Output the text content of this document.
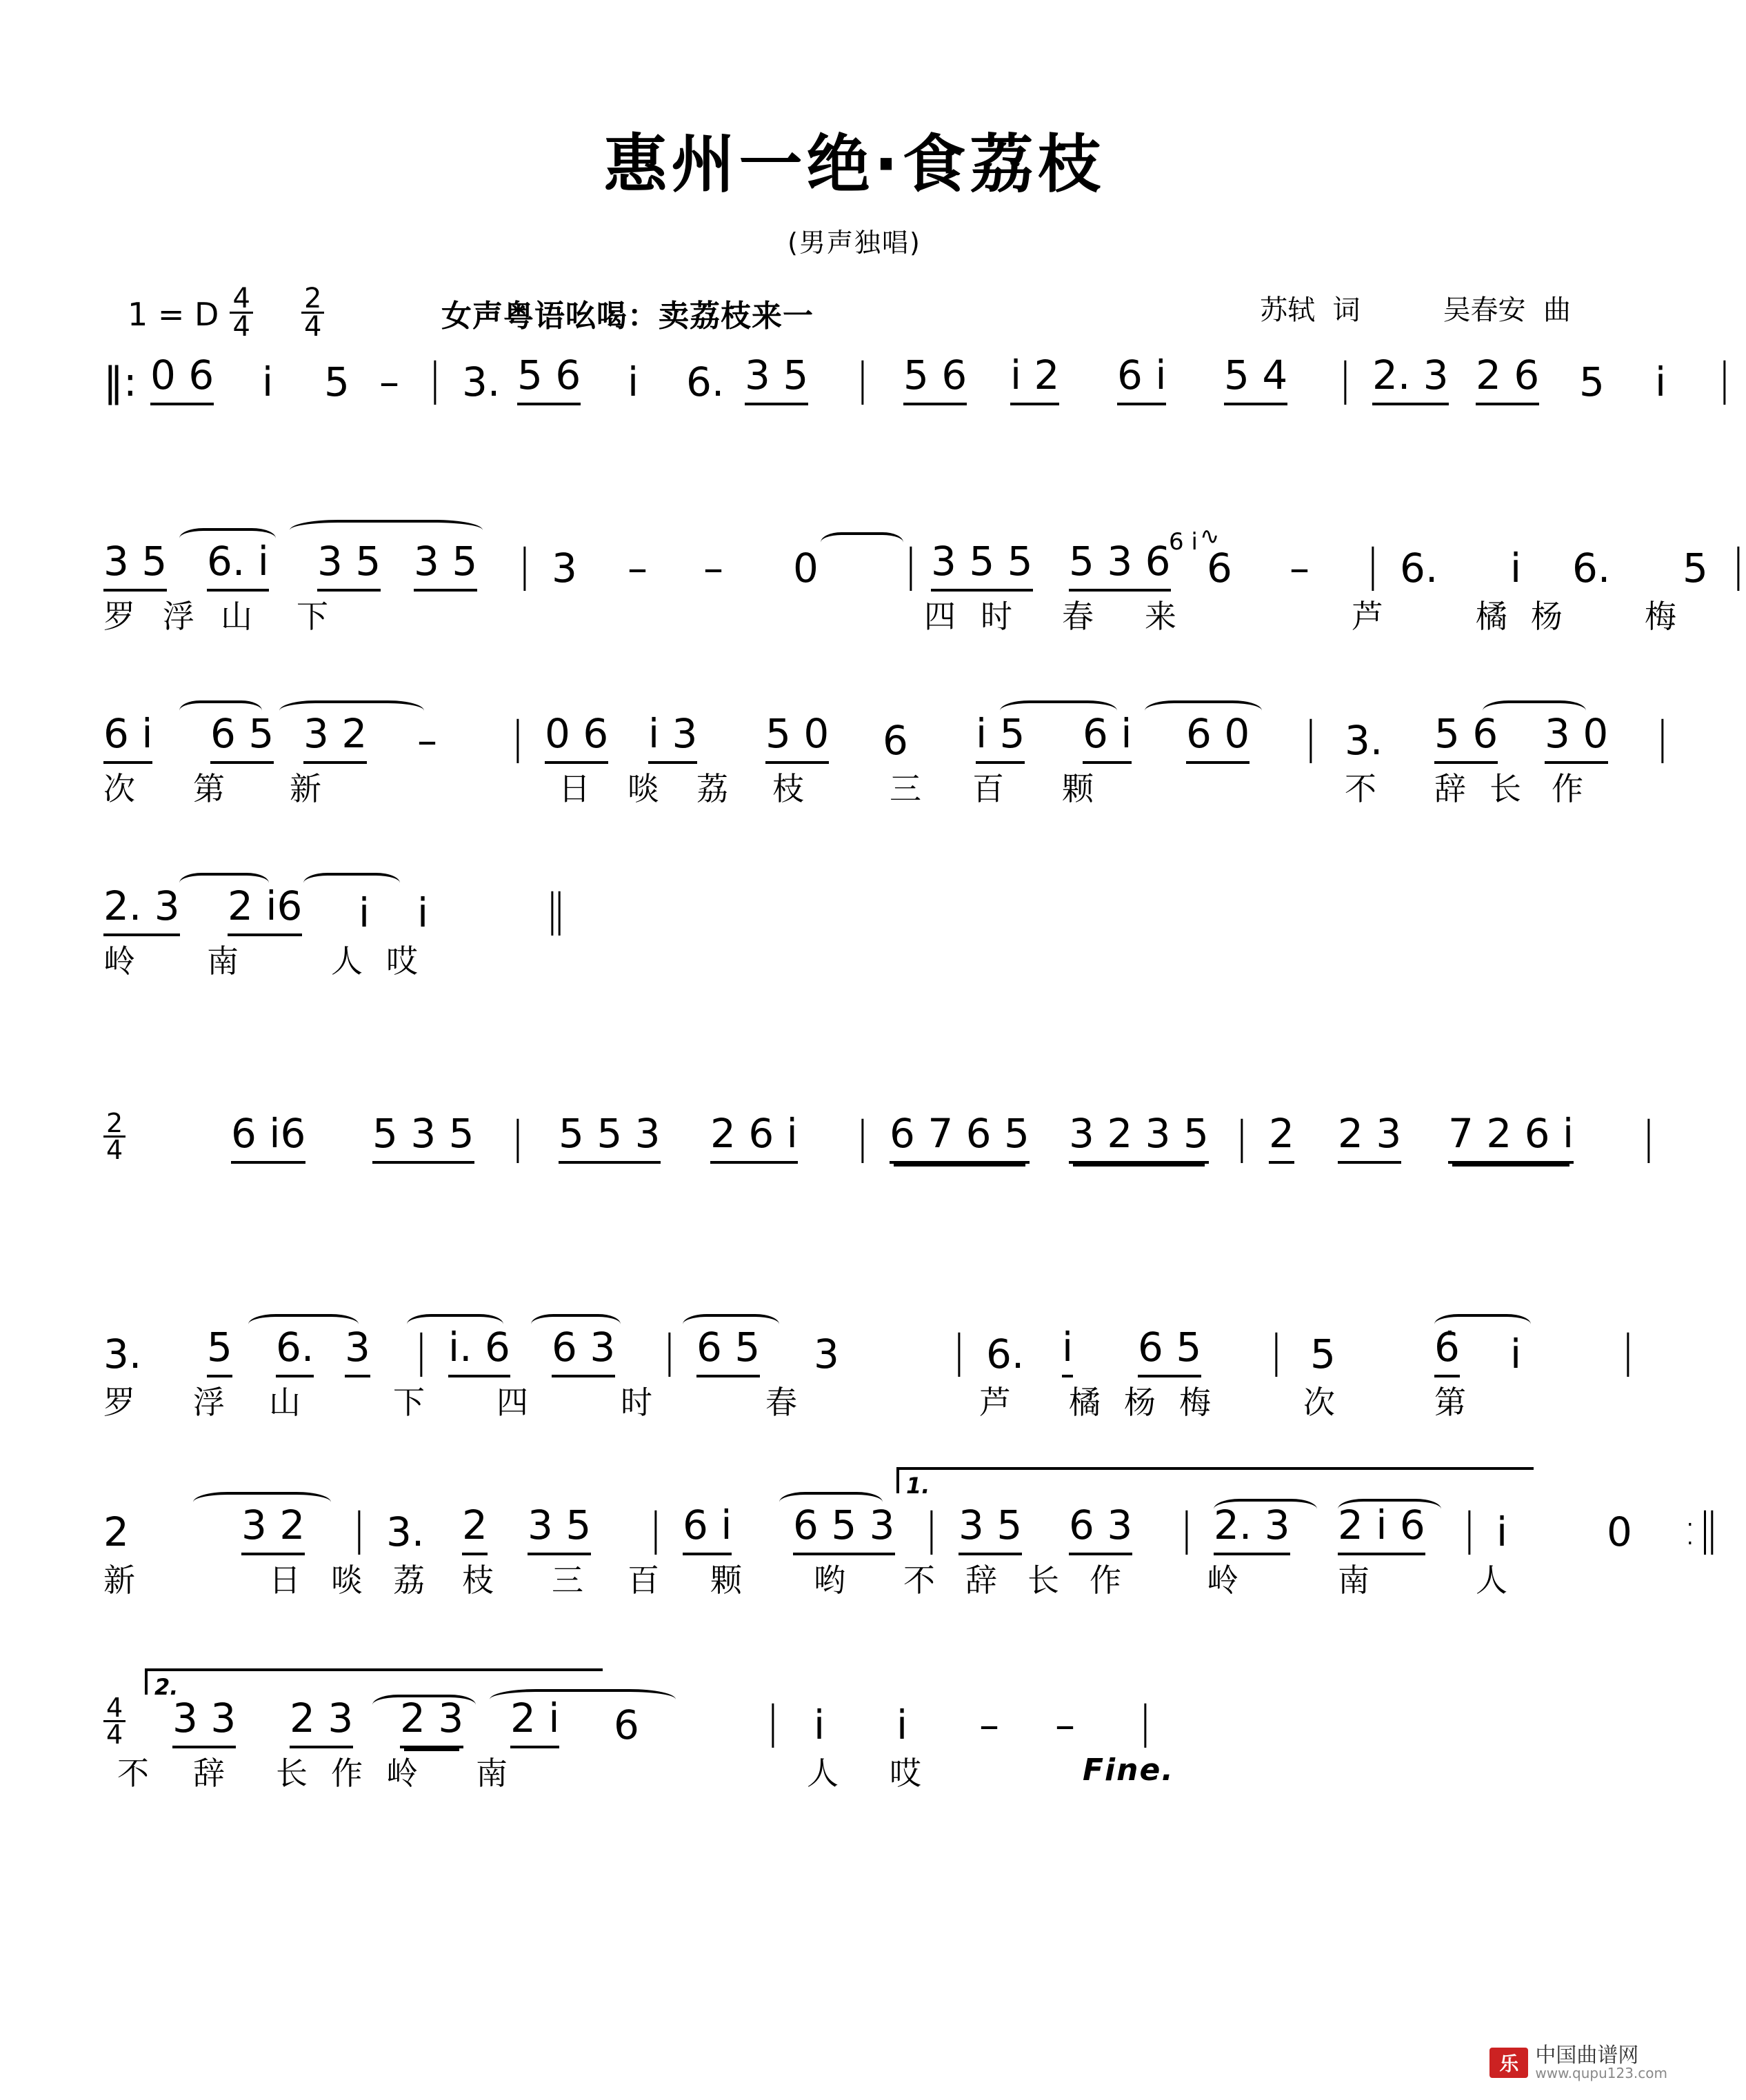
惠州一绝·食荔枝
(男声独唱)
1 = D $\frac{4}{4} \frac{2}{4}$	女声粤语吆喝：卖荔枝来一	苏轼  词	吴春安  曲
‖: 0 6 i̇ 5 – | 3. 5 6 i̇ 6. 3 5 | 5 6 i̇ 2 6 i̇ 5 4 | 2. 3 2 6 5 i̇ |
3 5 6. i̇ 3 5 3 5 | 3 – – 0 | 3 5 5 5 3 6
6 i̇ ∿
6 – | 6. i̇ 6. 5 |
罗 浮 山 下	四 时 春 来	芦	橘 杨	梅
6 i̇ 6 5 3 2 – | 0 6 i̇ 3 5 0 6 i̇ 5 6 i̇ 6 0 | 3. 5 6 3 0 |
次 第 新	日 啖 荔 枝	三 百 颗	不 辞 长 作
2. 3 2 i̇6 i̇ i̇	‖
岭 南	人 哎
$\frac{2}{4}$	6 i̇6 5 3 5 | 5 5 3 2 6 i̇ | 6 7 6 5 3 2 3 5 | 2 2 3 7 2 6 i̇ |
3. 5 6. 3 | i̇. 6 6 3 | 6 5 3	| 6. i̇ 6 5 | 5 6̇ i̇ |
罗 浮 山	下 四	时	春	芦 橘 杨 梅	次	第
1.
2	3 2 | 3. 2 3 5 | 6 i̇ 6 5 3 | 3 5 6 3 | 2. 3 2 i̇ 6 | i̇ 0 :‖
新	日 啖 荔 枝 三 百 颗 哟 不 辞 长 作	岭	南	人
2.
$\frac{4}{4} 3$ 3 2 3 2 3 2 i̇ 6	| i̇ i̇ – – |
不 辞 长 作 岭 南	人 哎	Fine.
乐 中国曲谱网
www.qupu123.com
